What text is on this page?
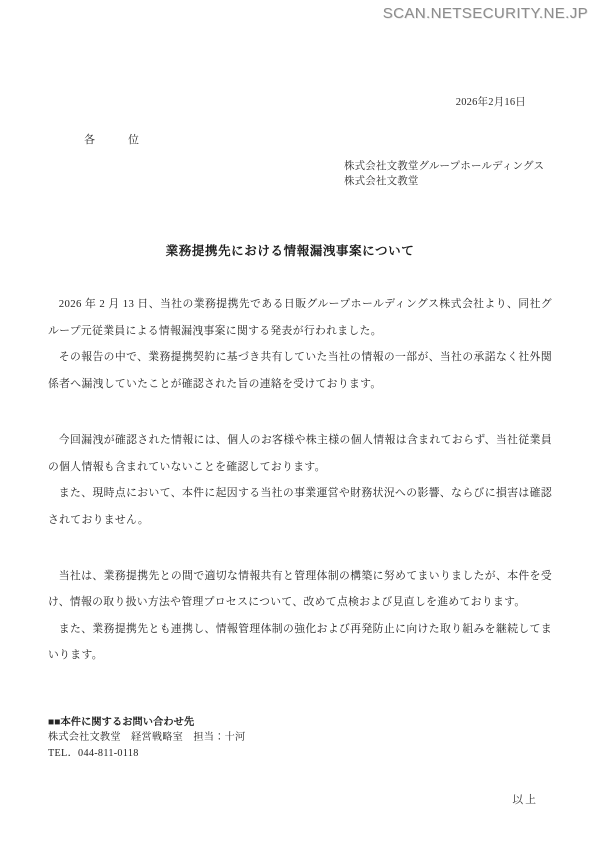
SCAN.NETSECURITY.NE.JP
2026年2月16日
各　位
株式会社文教堂グループホールディングス
株式会社文教堂
業務提携先における情報漏洩事案について

2026 年 2 月 13 日、当社の業務提携先である日販グループホールディングス株式会社より、同社グループ元従業員による情報漏洩事案に関する発表が行われました。

その報告の中で、業務提携契約に基づき共有していた当社の情報の一部が、当社の承諾なく社外関係者へ漏洩していたことが確認された旨の連絡を受けております。

今回漏洩が確認された情報には、個人のお客様や株主様の個人情報は含まれておらず、当社従業員の個人情報も含まれていないことを確認しております。

また、現時点において、本件に起因する当社の事業運営や財務状況への影響、ならびに損害は確認されておりません。

当社は、業務提携先との間で適切な情報共有と管理体制の構築に努めてまいりましたが、本件を受け、情報の取り扱い方法や管理プロセスについて、改めて点検および見直しを進めております。

また、業務提携先とも連携し、情報管理体制の強化および再発防止に向けた取り組みを継続してまいります。

■■本件に関するお問い合わせ先
株式会社文教堂　経営戦略室　担当：十河
TEL．044-811-0118
以上
